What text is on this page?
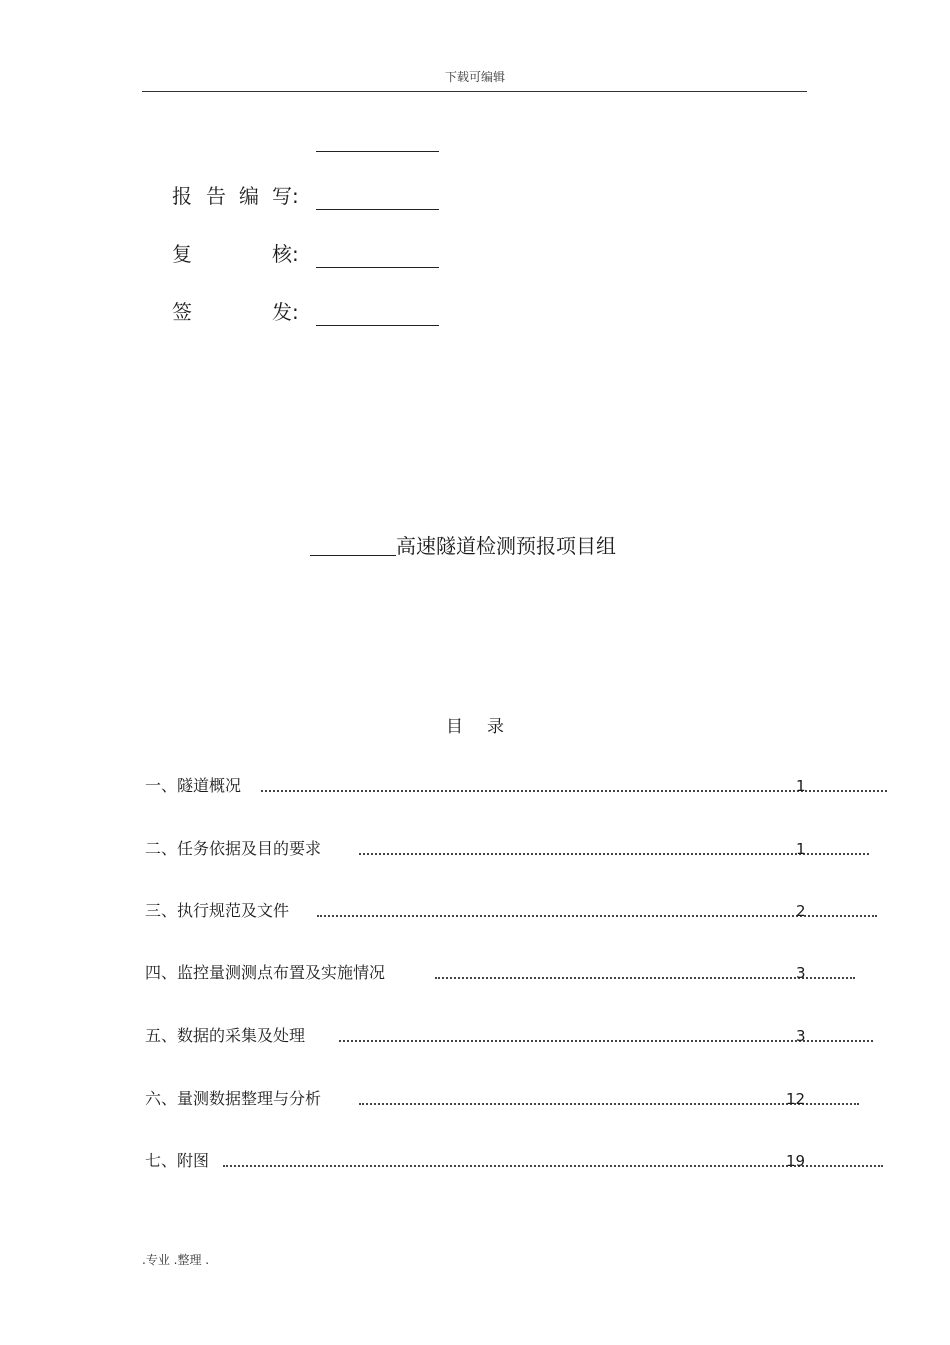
下载可编辑
报 告 编 写:
复	核:
签	发:
高速隧道检测预报项目组
目录
一、隧道概况	1
二、任务依据及目的要求	1
三、执行规范及文件	2
四、监控量测测点布置及实施情况	3
五、数据的采集及处理	3
六、量测数据整理与分析	12
七、附图	19
.专业 .整理 .
